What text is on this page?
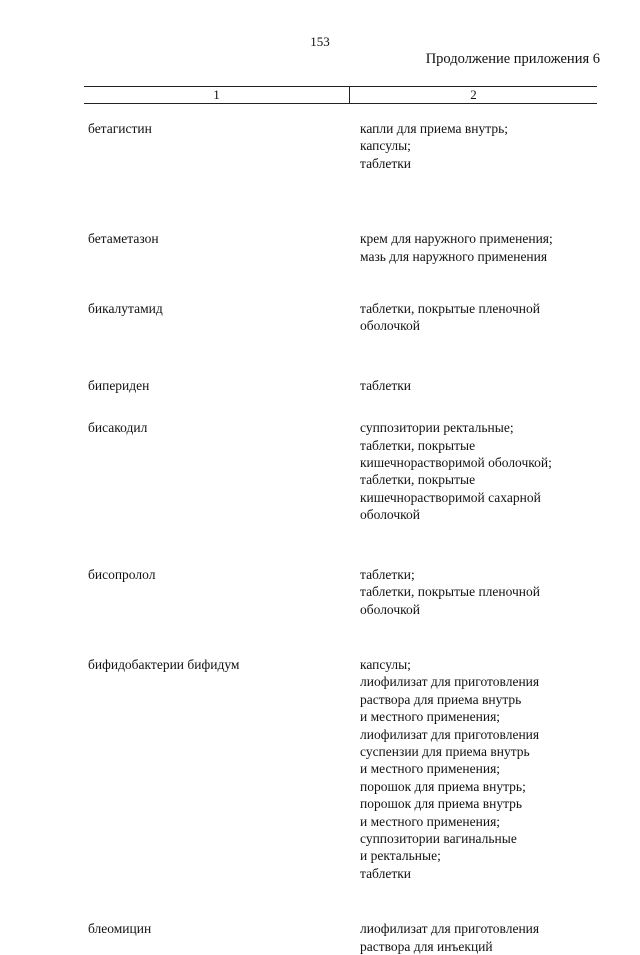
153
Продолжение приложения 6
1	2
бетагистин	капли для приема внутрь;
капсулы;
таблетки
бетаметазон	крем для наружного применения;
мазь для наружного применения
бикалутамид	таблетки, покрытые пленочной
оболочкой
бипериден	таблетки
бисакодил	суппозитории ректальные;
таблетки, покрытые
кишечнорастворимой оболочкой;
таблетки, покрытые
кишечнорастворимой сахарной
оболочкой
бисопролол	таблетки;
таблетки, покрытые пленочной
оболочкой
бифидобактерии бифидум	капсулы;
лиофилизат для приготовления
раствора для приема внутрь
и местного применения;
лиофилизат для приготовления
суспензии для приема внутрь
и местного применения;
порошок для приема внутрь;
порошок для приема внутрь
и местного применения;
суппозитории вагинальные
и ректальные;
таблетки
блеомицин	лиофилизат для приготовления
раствора для инъекций
